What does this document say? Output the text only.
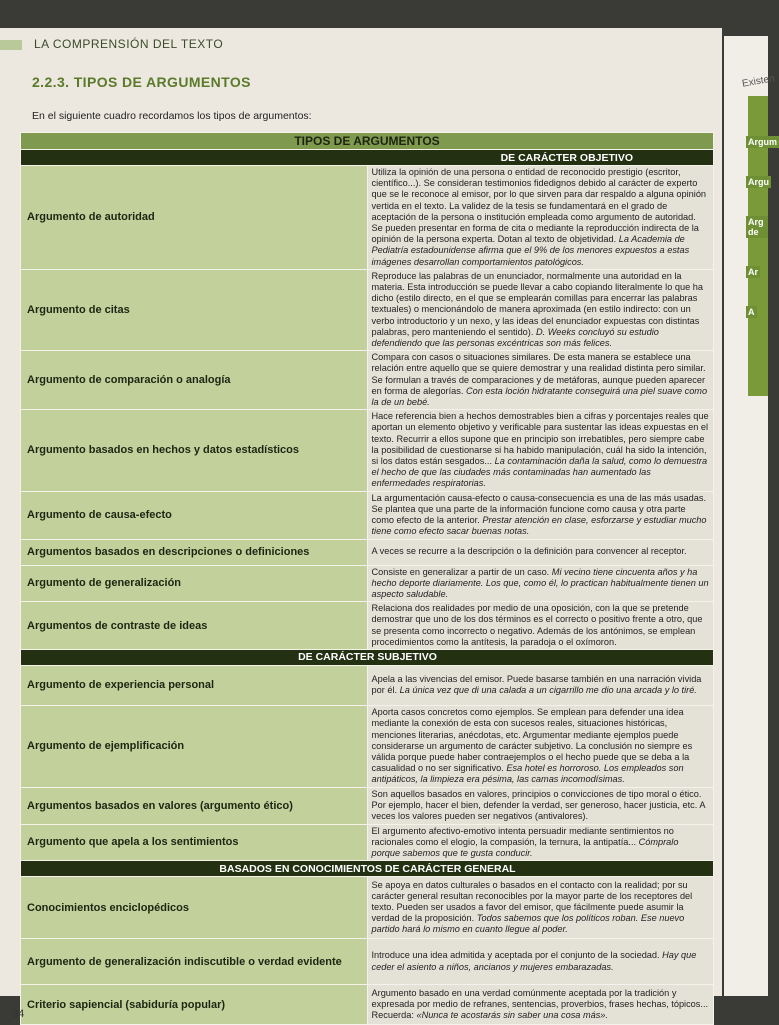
LA COMPRENSIÓN DEL TEXTO
2.2.3. TIPOS DE ARGUMENTOS
En el siguiente cuadro recordamos los tipos de argumentos:
TIPOS DE ARGUMENTOS	
DE CARÁCTER OBJETIVO	
Argumento de autoridad	Utiliza la opinión de una persona o entidad de reconocido prestigio (escritor, científico...). Se consideran testimonios fidedignos debido al carácter de experto que se le reconoce al emisor, por lo que sirven para dar respaldo a alguna opinión vertida en el texto. La validez de la tesis se fundamentará en el grado de aceptación de la persona o institución empleada como argumento de autoridad. Se pueden presentar en forma de cita o mediante la reproducción indirecta de la opinión de la persona experta. Dotan al texto de objetividad. La Academia de Pediatría estadounidense afirma que el 9% de los menores expuestos a estas imágenes desarrollan comportamientos patológicos.
Argumento de citas	Reproduce las palabras de un enunciador, normalmente una autoridad en la materia. Esta introducción se puede llevar a cabo copiando literalmente lo que ha dicho (estilo directo, en el que se emplearán comillas para encerrar las palabras textuales) o mencionándolo de manera aproximada (en estilo indirecto: con un verbo introductorio y un nexo, y las ideas del enunciador expuestas con distintas palabras, pero manteniendo el sentido). D. Weeks concluyó su estudio defendiendo que las personas excéntricas son más felices.
Argumento de comparación o analogía	Compara con casos o situaciones similares. De esta manera se establece una relación entre aquello que se quiere demostrar y una realidad distinta pero similar. Se formulan a través de comparaciones y de metáforas, aunque pueden aparecer en forma de alegorías. Con esta loción hidratante conseguirá una piel suave como la de un bebé.
Argumento basados en hechos y datos estadísticos	Hace referencia bien a hechos demostrables bien a cifras y porcentajes reales que aportan un elemento objetivo y verificable para sustentar las ideas expuestas en el texto. Recurrir a ellos supone que en principio son irrebatibles, pero siempre cabe la posibilidad de cuestionarse si ha habido manipulación, cuál ha sido la intención, si los datos están sesgados... La contaminación daña la salud, como lo demuestra el hecho de que las ciudades más contaminadas han aumentado las enfermedades respiratorias.
Argumento de causa-efecto	La argumentación causa-efecto o causa-consecuencia es una de las más usadas. Se plantea que una parte de la información funcione como causa y otra parte como efecto de la anterior. Prestar atención en clase, esforzarse y estudiar mucho tiene como efecto sacar buenas notas.
Argumentos basados en descripciones o definiciones	A veces se recurre a la descripción o la definición para convencer al receptor.
Argumento de generalización	Consiste en generalizar a partir de un caso. Mi vecino tiene cincuenta años y ha hecho deporte diariamente. Los que, como él, lo practican habitualmente tienen un aspecto saludable.
Argumentos de contraste de ideas	Relaciona dos realidades por medio de una oposición, con la que se pretende demostrar que uno de los dos términos es el correcto o positivo frente a otro, que se presenta como incorrecto o negativo. Además de los antónimos, se emplean procedimientos como la antítesis, la paradoja o el oxímoron.
DE CARÁCTER SUBJETIVO	
Argumento de experiencia personal	Apela a las vivencias del emisor. Puede basarse también en una narración vivida por él. La única vez que di una calada a un cigarrillo me dio una arcada y lo tiré.
Argumento de ejemplificación	Aporta casos concretos como ejemplos. Se emplean para defender una idea mediante la conexión de esta con sucesos reales, situaciones históricas, menciones literarias, anécdotas, etc. Argumentar mediante ejemplos puede considerarse un argumento de carácter subjetivo. La conclusión no siempre es válida porque puede haber contraejemplos o el hecho puede que se deba a la casualidad o no ser significativo. Esa hotel es horroroso. Los empleados son antipáticos, la limpieza era pésima, las camas incomodísimas.
Argumentos basados en valores (argumento ético)	Son aquellos basados en valores, principios o convicciones de tipo moral o ético. Por ejemplo, hacer el bien, defender la verdad, ser generoso, hacer justicia, etc. A veces los valores pueden ser negativos (antivalores).
Argumento que apela a los sentimientos	El argumento afectivo-emotivo intenta persuadir mediante sentimientos no racionales como el elogio, la compasión, la ternura, la antipatía... Cómpralo porque sabemos que te gusta conducir.
BASADOS EN CONOCIMIENTOS DE CARÁCTER GENERAL	
Conocimientos enciclopédicos	Se apoya en datos culturales o basados en el contacto con la realidad; por su carácter general resultan reconocibles por la mayor parte de los receptores del texto. Pueden ser usados a favor del emisor, que fácilmente puede asumir la verdad de la proposición. Todos sabemos que los políticos roban. Ese nuevo partido hará lo mismo en cuanto llegue al poder.
Argumento de generalización indiscutible o verdad evidente	Introduce una idea admitida y aceptada por el conjunto de la sociedad. Hay que ceder el asiento a niños, ancianos y mujeres embarazadas.
Criterio sapiencial (sabiduría popular)	Argumento basado en una verdad comúnmente aceptada por la tradición y expresada por medio de refranes, sentencias, proverbios, frases hechas, tópicos... Recuerda: «Nunca te acostarás sin saber una cosa más».
34
Existen
Argum
Argu
Arg de
Ar
A
